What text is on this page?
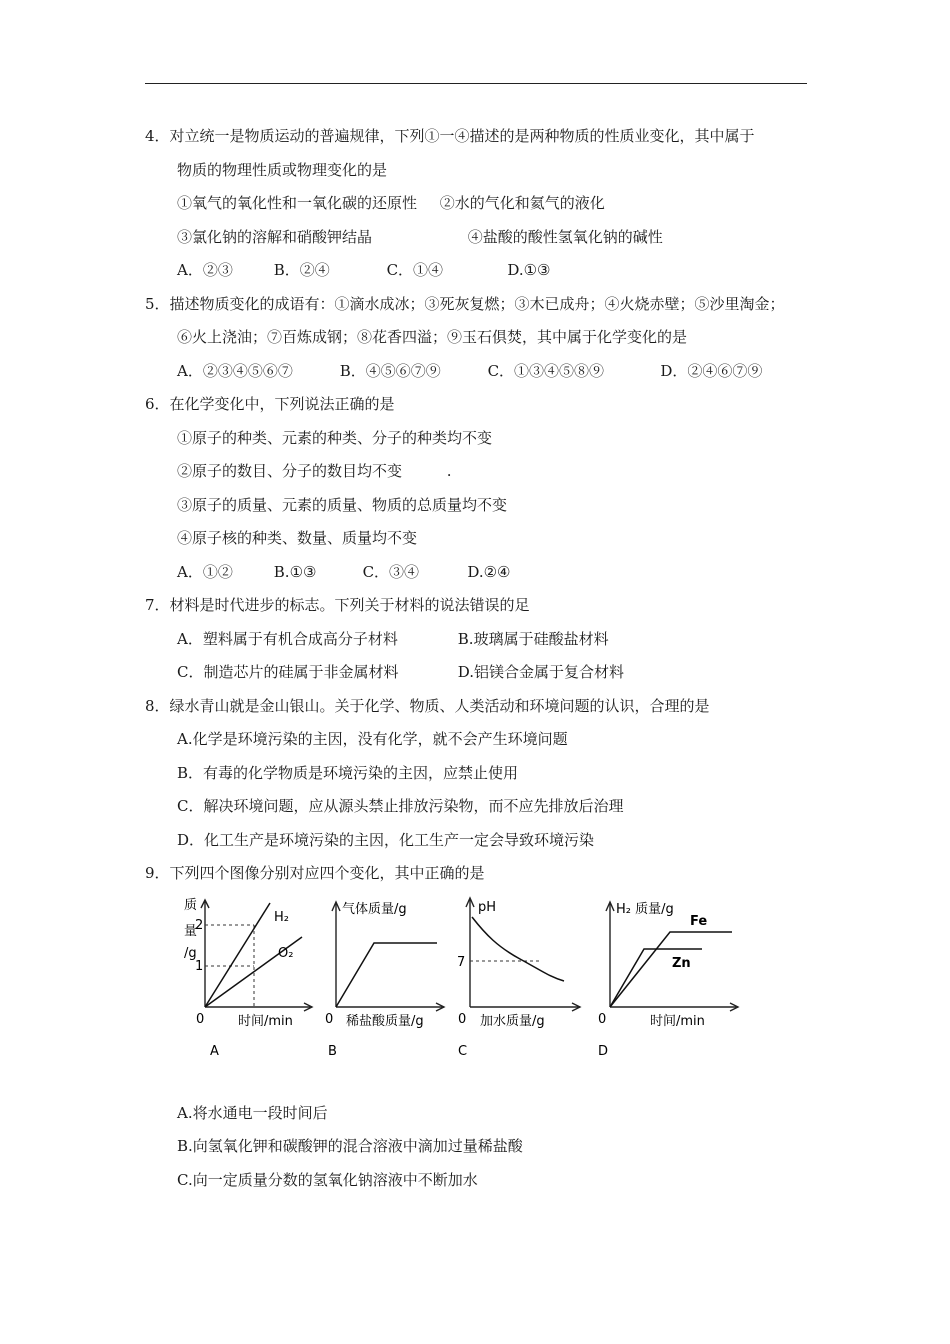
4．对立统一是物质运动的普遍规律，下列①一④描述的是两种物质的性质业变化，其中属于
物质的物理性质或物理变化的是
①氧气的氧化性和一氧化碳的还原性 ②水的气化和氦气的液化
③氯化钠的溶解和硝酸钾结晶	④盐酸的酸性氢氧化钠的碱性
A．②③	B．②④	C．①④	D.①③
5．描述物质变化的成语有：①滴水成冰；③死灰复燃；③木已成舟；④火烧赤壁；⑤沙里淘金；
⑥火上浇油；⑦百炼成钢；⑧花香四溢；⑨玉石俱焚，其中属于化学变化的是
A．②③④⑤⑥⑦	B．④⑤⑥⑦⑨	C．①③④⑤⑧⑨	D．②④⑥⑦⑨
6．在化学变化中，下列说法正确的是
①原子的种类、元素的种类、分子的种类均不变
②原子的数目、分子的数目均不变	.
③原子的质量、元素的质量、物质的总质量均不变
④原子核的种类、数量、质量均不变
A．①②	B.①③	C．③④	D.②④
7．材料是时代进步的标志。下列关于材料的说法错误的足
A．塑料属于有机合成高分子材料	B.玻璃属于硅酸盐材料
C．制造芯片的硅属于非金属材料	D.铝镁合金属于复合材料
8．绿水青山就是金山银山。关于化学、物质、人类活动和环境问题的认识，合理的是
A.化学是环境污染的主因，没有化学，就不会产生环境问题
B．有毒的化学物质是环境污染的主因，应禁止使用
C．解决环境问题，应从源头禁止排放污染物，而不应先排放后治理
D．化工生产是环境污染的主因，化工生产一定会导致环境污染
9．下列四个图像分别对应四个变化，其中正确的是
质
量
/g
2
1
0	时间/min
H₂
O₂
A
气体质量/g
0 稀盐酸质量/g
B
pH
7
0 加水质量/g
C
H₂ 质量/g
0	时间/min
Fe
Zn
D
A.将水通电一段时间后
B.向氢氧化钾和碳酸钾的混合溶液中滴加过量稀盐酸
C.向一定质量分数的氢氧化钠溶液中不断加水
